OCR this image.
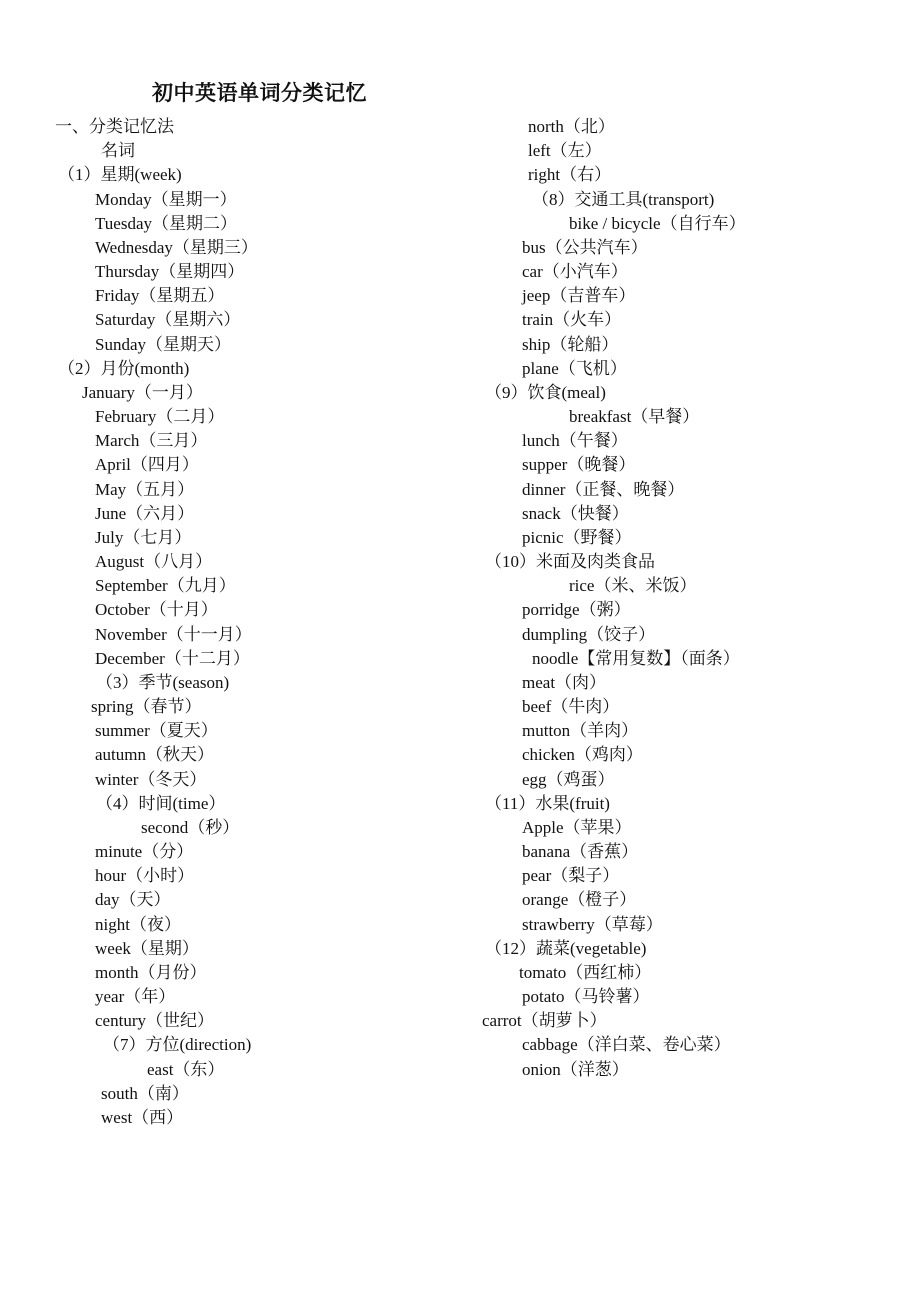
初中英语单词分类记忆
一、分类记忆法
名词
（1）星期(week)
Monday（星期一）
Tuesday（星期二）
Wednesday（星期三）
Thursday（星期四）
Friday（星期五）
Saturday（星期六）
Sunday（星期天）
（2）月份(month)
January（一月）
February（二月）
March（三月）
April（四月）
May（五月）
June（六月）
July（七月）
August（八月）
September（九月）
October（十月）
November（十一月）
December（十二月）
（3）季节(season)
spring（春节）
summer（夏天）
autumn（秋天）
winter（冬天）
（4）时间(time）
second（秒）
minute（分）
hour（小时）
day（天）
night（夜）
week（星期）
month（月份）
year（年）
century（世纪）
（7）方位(direction)
east（东）
south（南）
west（西）
north（北）
left（左）
right（右）
（8）交通工具(transport)
bike / bicycle（自行车）
bus（公共汽车）
car（小汽车）
jeep（吉普车）
train（火车）
ship（轮船）
plane（飞机）
（9）饮食(meal)
breakfast（早餐）
lunch（午餐）
supper（晚餐）
dinner（正餐、晚餐）
snack（快餐）
picnic（野餐）
（10）米面及肉类食品
rice（米、米饭）
porridge（粥）
dumpling（饺子）
noodle【常用复数】（面条）
meat（肉）
beef（牛肉）
mutton（羊肉）
chicken（鸡肉）
egg（鸡蛋）
（11）水果(fruit)
Apple（苹果）
banana（香蕉）
pear（梨子）
orange（橙子）
strawberry（草莓）
（12）蔬菜(vegetable)
tomato（西红柿）
potato（马铃薯）
carrot（胡萝卜）
cabbage（洋白菜、卷心菜）
onion（洋葱）
